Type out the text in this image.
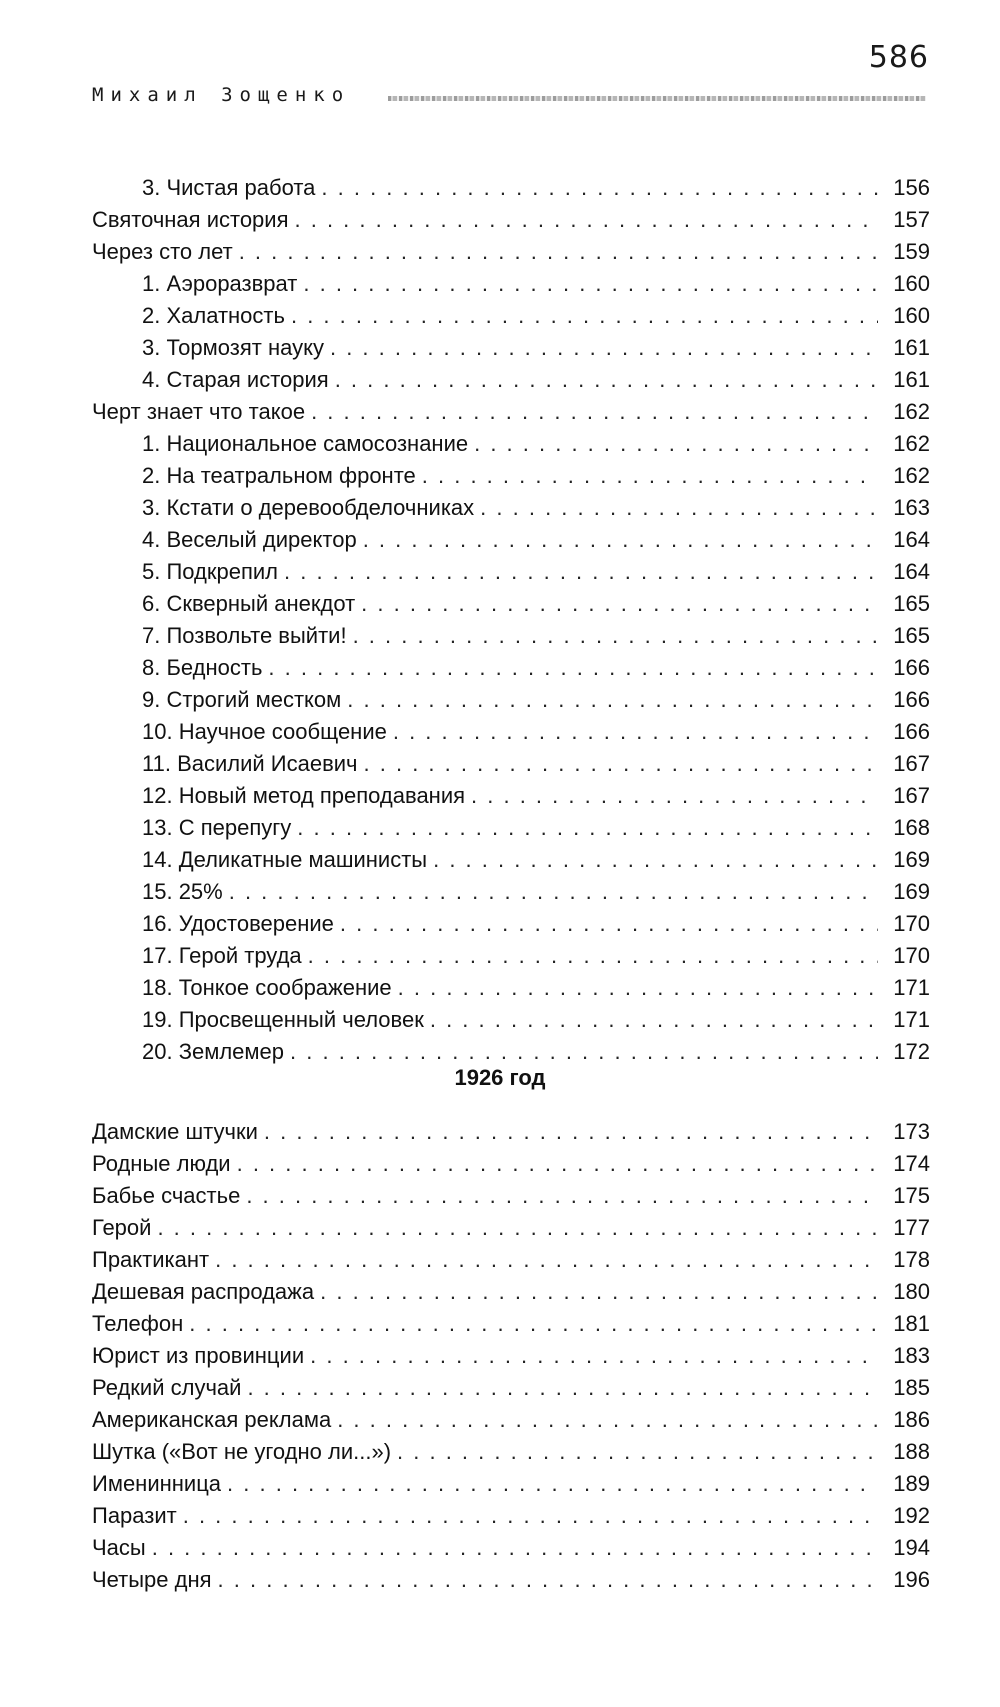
586
Михаил Зощенко
3. Чистая работа . . .	156
Святочная история . . .	157
Через сто лет . . .	159
1. Аэроразврат . . .	160
2. Халатность . . .	160
3. Тормозят науку . . .	161
4. Старая история . . .	161
Черт знает что такое . . .	162
1. Национальное самосознание . . .	162
2. На театральном фронте . . .	162
3. Кстати о деревообделочниках . . .	163
4. Веселый директор . . .	164
5. Подкрепил . . .	164
6. Скверный анекдот . . .	165
7. Позвольте выйти! . . .	165
8. Бедность . . .	166
9. Строгий местком . . .	166
10. Научное сообщение . . .	166
11. Василий Исаевич . . .	167
12. Новый метод преподавания . . .	167
13. С перепугу . . .	168
14. Деликатные машинисты . . .	169
15. 25% . . .	169
16. Удостоверение . . .	170
17. Герой труда . . .	170
18. Тонкое соображение . . .	171
19. Просвещенный человек . . .	171
20. Землемер . . .	172
1926 год
Дамские штучки . . .	173
Родные люди . . .	174
Бабье счастье . . .	175
Герой . . .	177
Практикант . . .	178
Дешевая распродажа . . .	180
Телефон . . .	181
Юрист из провинции . . .	183
Редкий случай . . .	185
Американская реклама . . .	186
Шутка («Вот не угодно ли...») . . .	188
Именинница . . .	189
Паразит . . .	192
Часы . . .	194
Четыре дня . . .	196
